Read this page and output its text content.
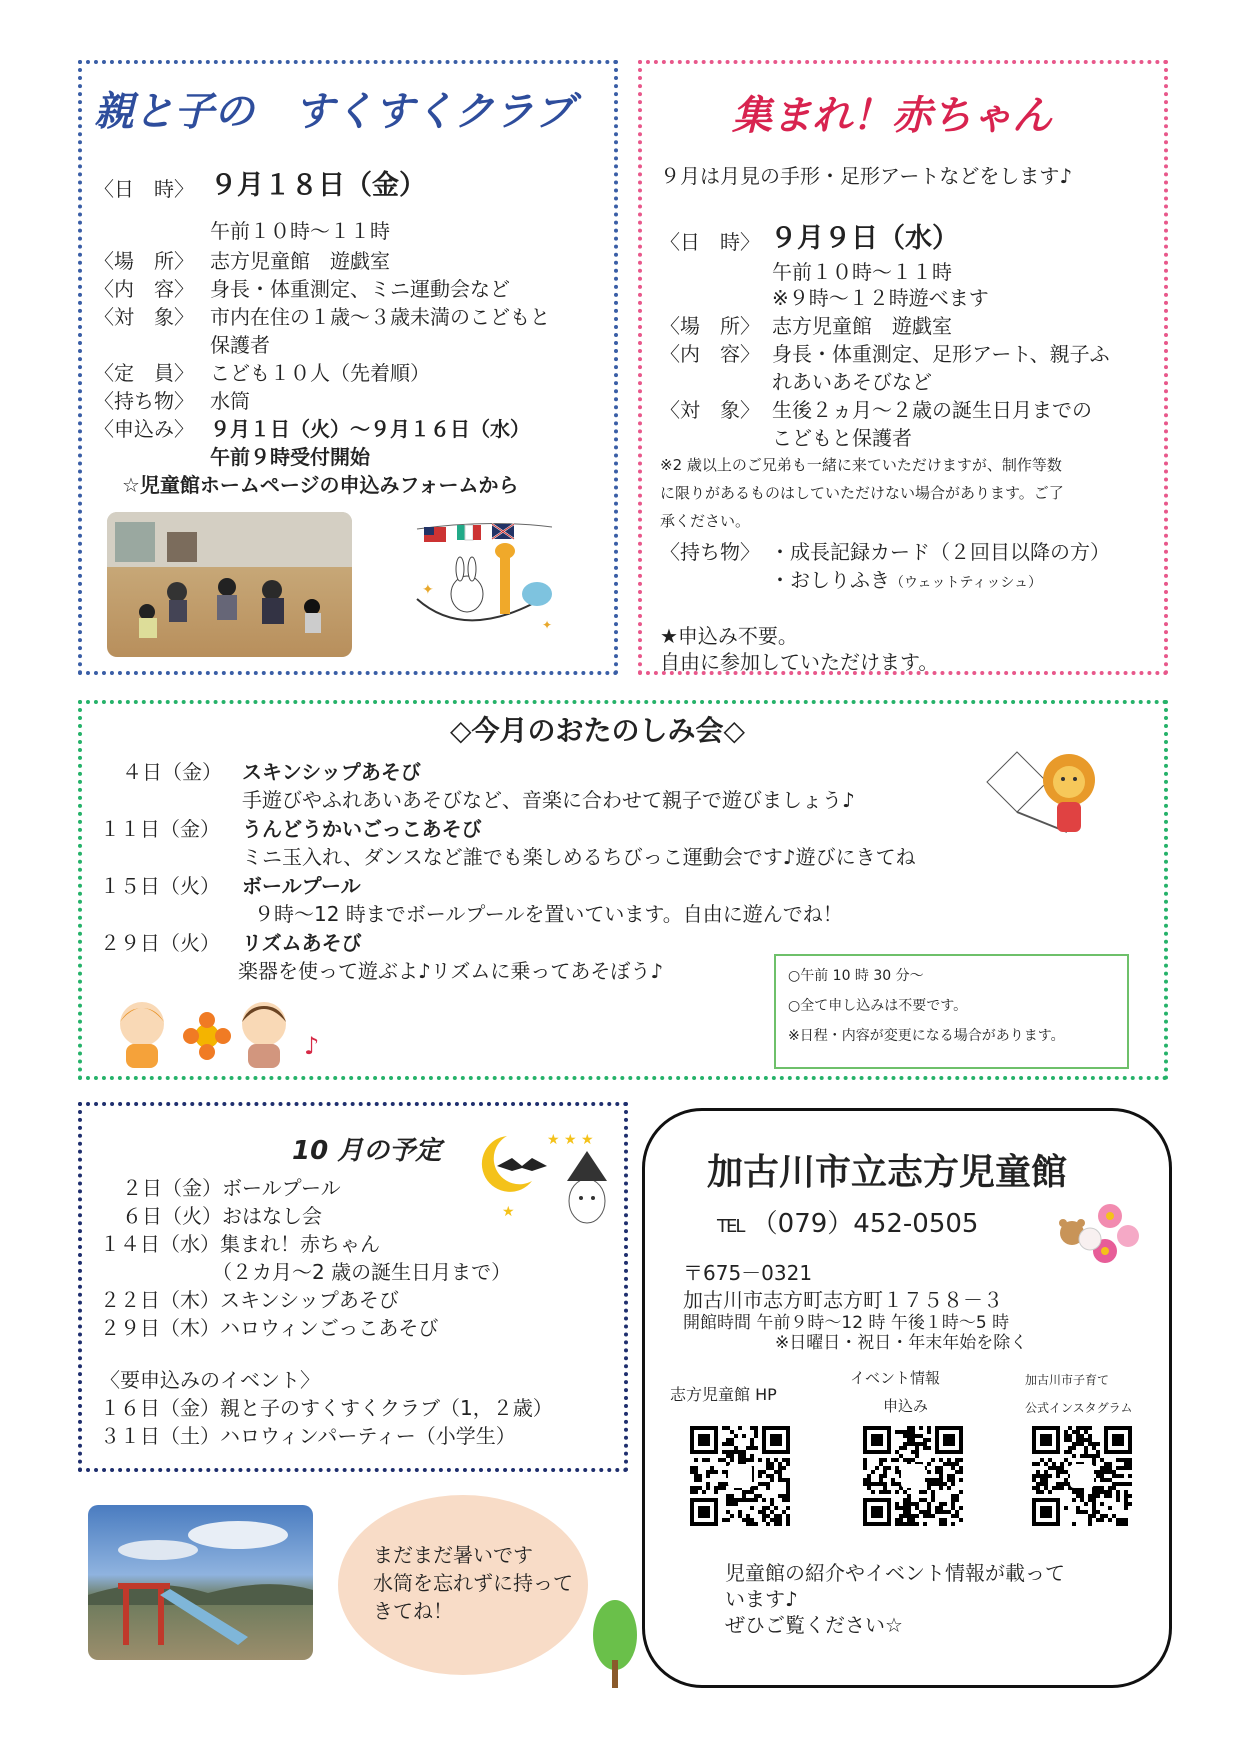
親と子の　すくすくクラブ
〈日　時〉 ９月１８日（金）
午前１０時～１１時
〈場　所〉 志方児童館　遊戯室
〈内　容〉 身長・体重測定、ミニ運動会など
〈対　象〉 市内在住の１歳～３歳未満のこどもと
保護者
〈定　員〉 こども１０人（先着順）
〈持ち物〉 水筒
〈申込み〉 ９月１日（火）～９月１６日（水）
午前９時受付開始
☆児童館ホームページの申込みフォームから
✦
✦
集まれ！赤ちゃん
９月は月見の手形・足形アートなどをします♪
〈日　時〉 ９月９日（水）
午前１０時～１１時
※９時～１２時遊べます
〈場　所〉 志方児童館　遊戯室
〈内　容〉 身長・体重測定、足形アート、親子ふ
れあいあそびなど
〈対　象〉 生後２ヵ月～２歳の誕生日月までの
こどもと保護者
※2 歳以上のご兄弟も一緒に来ていただけますが、制作等数
に限りがあるものはしていただけない場合があります。ご了
承ください。
〈持ち物〉 ・成長記録カード（２回目以降の方）
・おしりふき（ウェットティッシュ）
★申込み不要。
自由に参加していただけます。
◇今月のおたのしみ会◇
４日（金） スキンシップあそび
手遊びやふれあいあそびなど、音楽に合わせて親子で遊びましょう♪
１１日（金） うんどうかいごっこあそび
ミニ玉入れ、ダンスなど誰でも楽しめるちびっこ運動会です♪遊びにきてね
１５日（火） ボールプール
９時～12 時までボールプールを置いています。自由に遊んでね！
２９日（火） リズムあそび
楽器を使って遊ぶよ♪リズムに乗ってあそぼう♪
♪
○午前 10 時 30 分～
○全て申し込みは不要です。
※日程・内容が変更になる場合があります。
10 月の予定	★ ★ ★
★
２日（金）ボールプール
６日（火）おはなし会
１４日（水）集まれ！赤ちゃん
（２カ月～2 歳の誕生日月まで）
２２日（木）スキンシップあそび
２９日（木）ハロウィンごっこあそび
〈要申込みのイベント〉
１６日（金）親と子のすくすくクラブ（1，２歳）
３１日（土）ハロウィンパーティー（小学生）
まだまだ暑いです
水筒を忘れずに持って
きてね！
加古川市立志方児童館
TEL （079）452-0505
〒675－0321
加古川市志方町志方町１７５８－３
開館時間 午前９時～12 時 午後１時～5 時
※日曜日・祝日・年末年始を除く
志方児童館 HP
イベント情報
申込み
加古川市子育て
公式インスタグラム
児童館の紹介やイベント情報が載って
います♪
ぜひご覧ください☆
